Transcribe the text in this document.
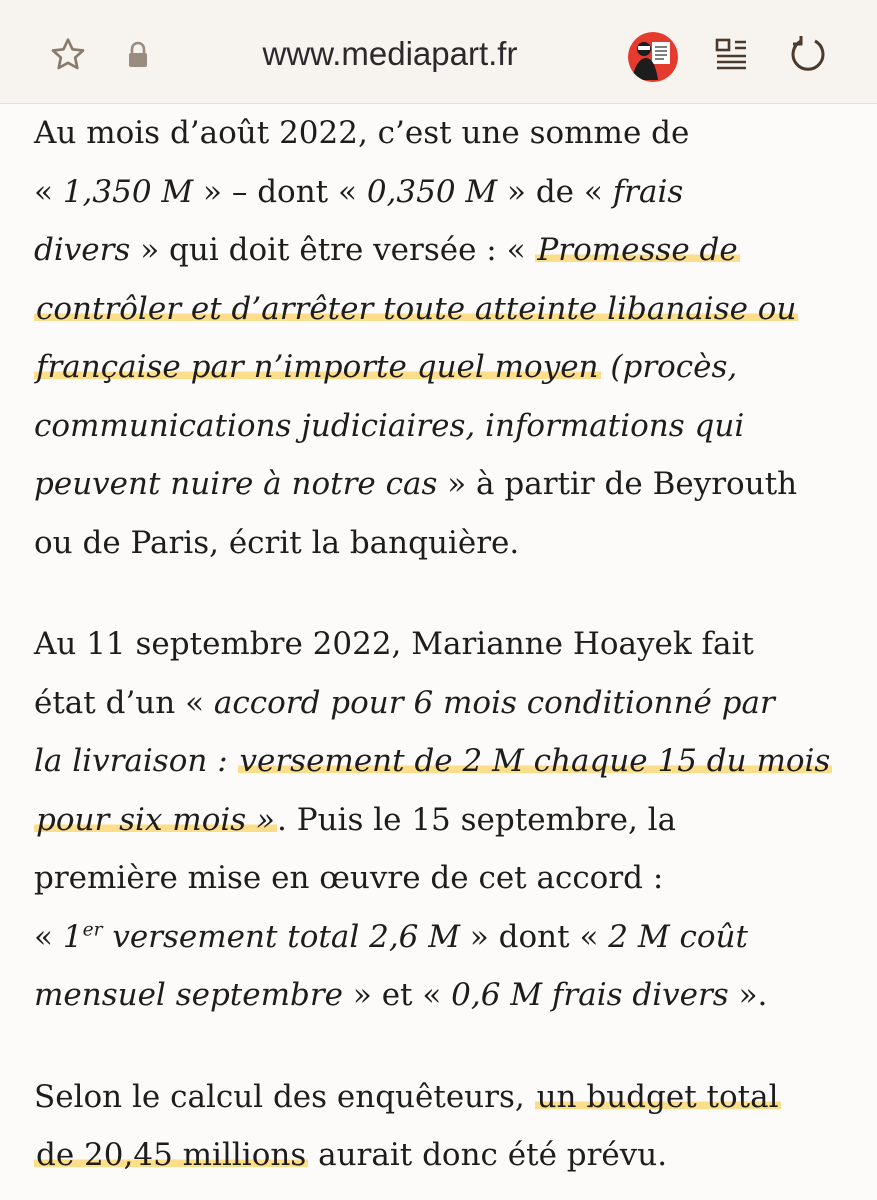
www.mediapart.fr

Au mois d’août 2022, c’est une somme de
« 1,350 M » – dont « 0,350 M » de « frais
divers » qui doit être versée : « Promesse de
contrôler et d’arrêter toute atteinte libanaise ou
française par n’importe quel moyen (procès,
communications judiciaires, informations qui
peuvent nuire à notre cas » à partir de Beyrouth
ou de Paris, écrit la banquière.

Au 11 septembre 2022, Marianne Hoayek fait
état d’un « accord pour 6 mois conditionné par
la livraison : versement de 2 M chaque 15 du mois
pour six mois ». Puis le 15 septembre, la
première mise en œuvre de cet accord :
« 1er versement total 2,6 M » dont « 2 M coût
mensuel septembre » et « 0,6 M frais divers ».

Selon le calcul des enquêteurs, un budget total
de 20,45 millions aurait donc été prévu.
